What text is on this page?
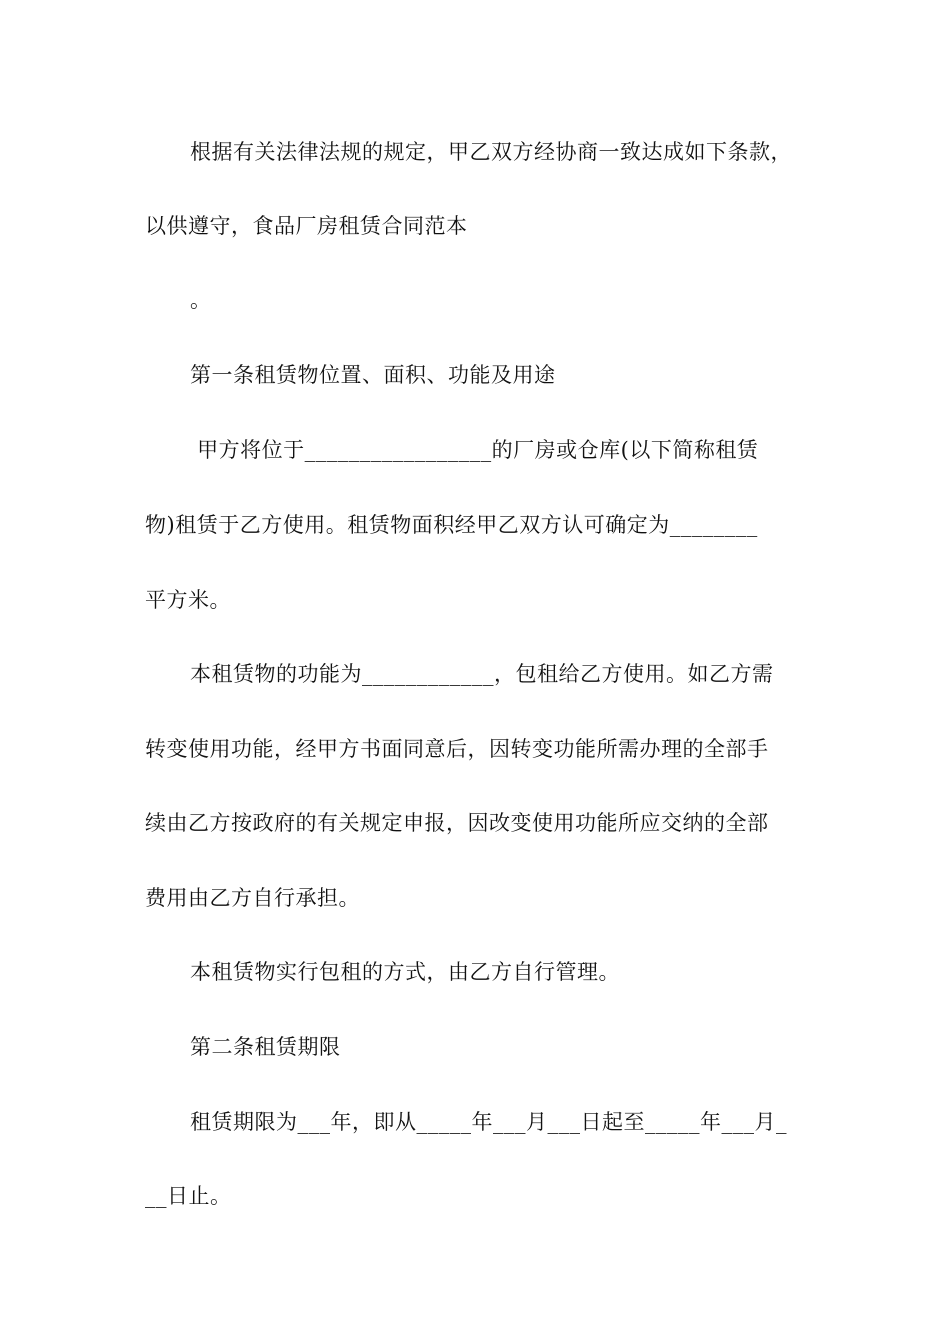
根据有关法律法规的规定，甲乙双方经协商一致达成如下条款，
以供遵守，食品厂房租赁合同范本
。
第一条租赁物位置、面积、功能及用途
甲方将位于_________________的厂房或仓库(以下简称租赁
物)租赁于乙方使用。租赁物面积经甲乙双方认可确定为________
平方米。
本租赁物的功能为____________，包租给乙方使用。如乙方需
转变使用功能，经甲方书面同意后，因转变功能所需办理的全部手
续由乙方按政府的有关规定申报，因改变使用功能所应交纳的全部
费用由乙方自行承担。
本租赁物实行包租的方式，由乙方自行管理。
第二条租赁期限
租赁期限为___年，即从_____年___月___日起至_____年___月_
__日止。
